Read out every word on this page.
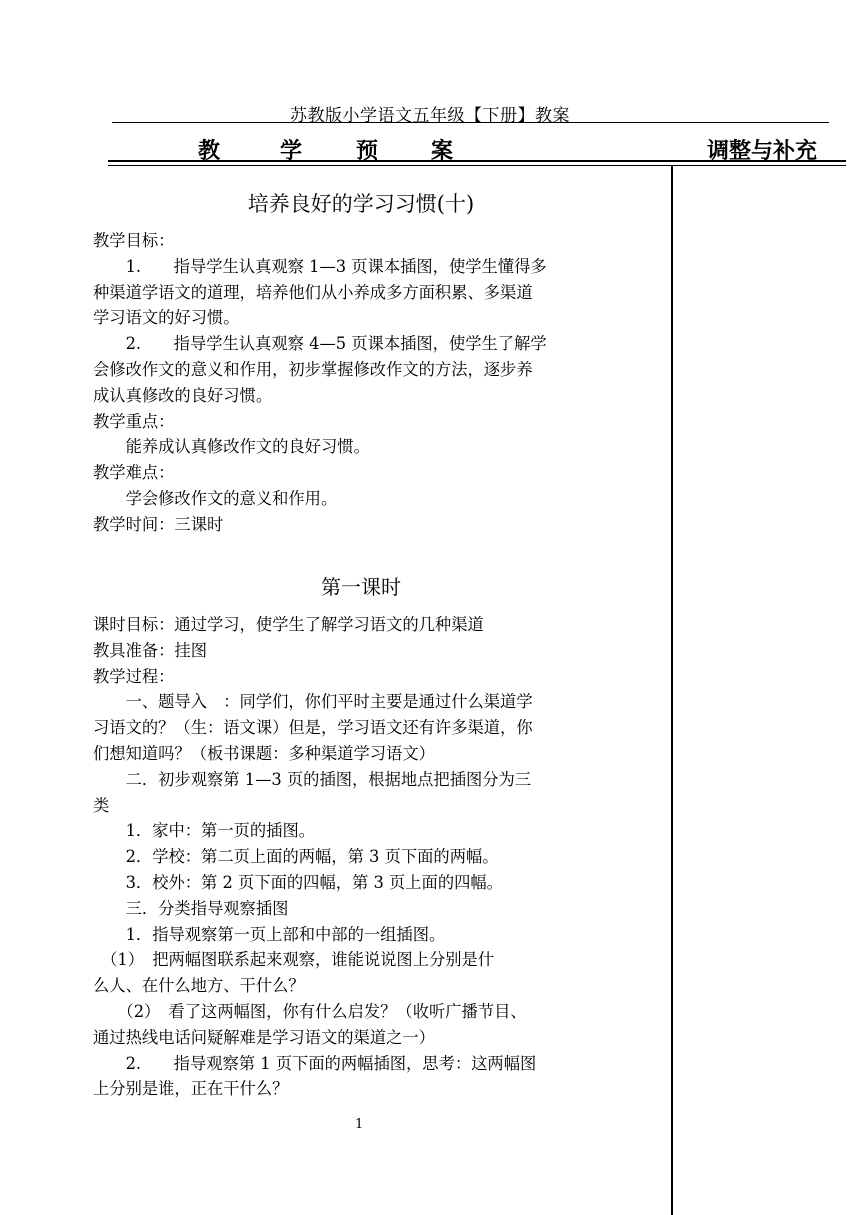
苏教版小学语文五年级【下册】教案
教	学 预 案	调整与补充
培养良好的学习习惯(十)
教学目标：
　　1.　　指导学生认真观察 1—3 页课本插图，使学生懂得多
种渠道学语文的道理，培养他们从小养成多方面积累、多渠道
学习语文的好习惯。
　　2.　　指导学生认真观察 4—5 页课本插图，使学生了解学
会修改作文的意义和作用，初步掌握修改作文的方法，逐步养
成认真修改的良好习惯。
教学重点：
　　能养成认真修改作文的良好习惯。
教学难点：
　　学会修改作文的意义和作用。
教学时间：三课时
第一课时
课时目标：通过学习，使学生了解学习语文的几种渠道
教具准备：挂图
教学过程：
　　一、题导入　：同学们，你们平时主要是通过什么渠道学
习语文的？（生：语文课）但是，学习语文还有许多渠道，你
们想知道吗？（板书课题：多种渠道学习语文）
　　二．初步观察第 1—3 页的插图，根据地点把插图分为三
类
　　1．家中：第一页的插图。
　　2．学校：第二页上面的两幅，第 3 页下面的两幅。
　　3．校外：第 2 页下面的四幅，第 3 页上面的四幅。
　　三．分类指导观察插图
　　1．指导观察第一页上部和中部的一组插图。
　（1）　把两幅图联系起来观察，谁能说说图上分别是什
么人、在什么地方、干什么？
　　（2）　看了这两幅图，你有什么启发？（收听广播节目、
通过热线电话问疑解难是学习语文的渠道之一）
　　2.　　指导观察第 1 页下面的两幅插图，思考：这两幅图
上分别是谁，正在干什么？
1
